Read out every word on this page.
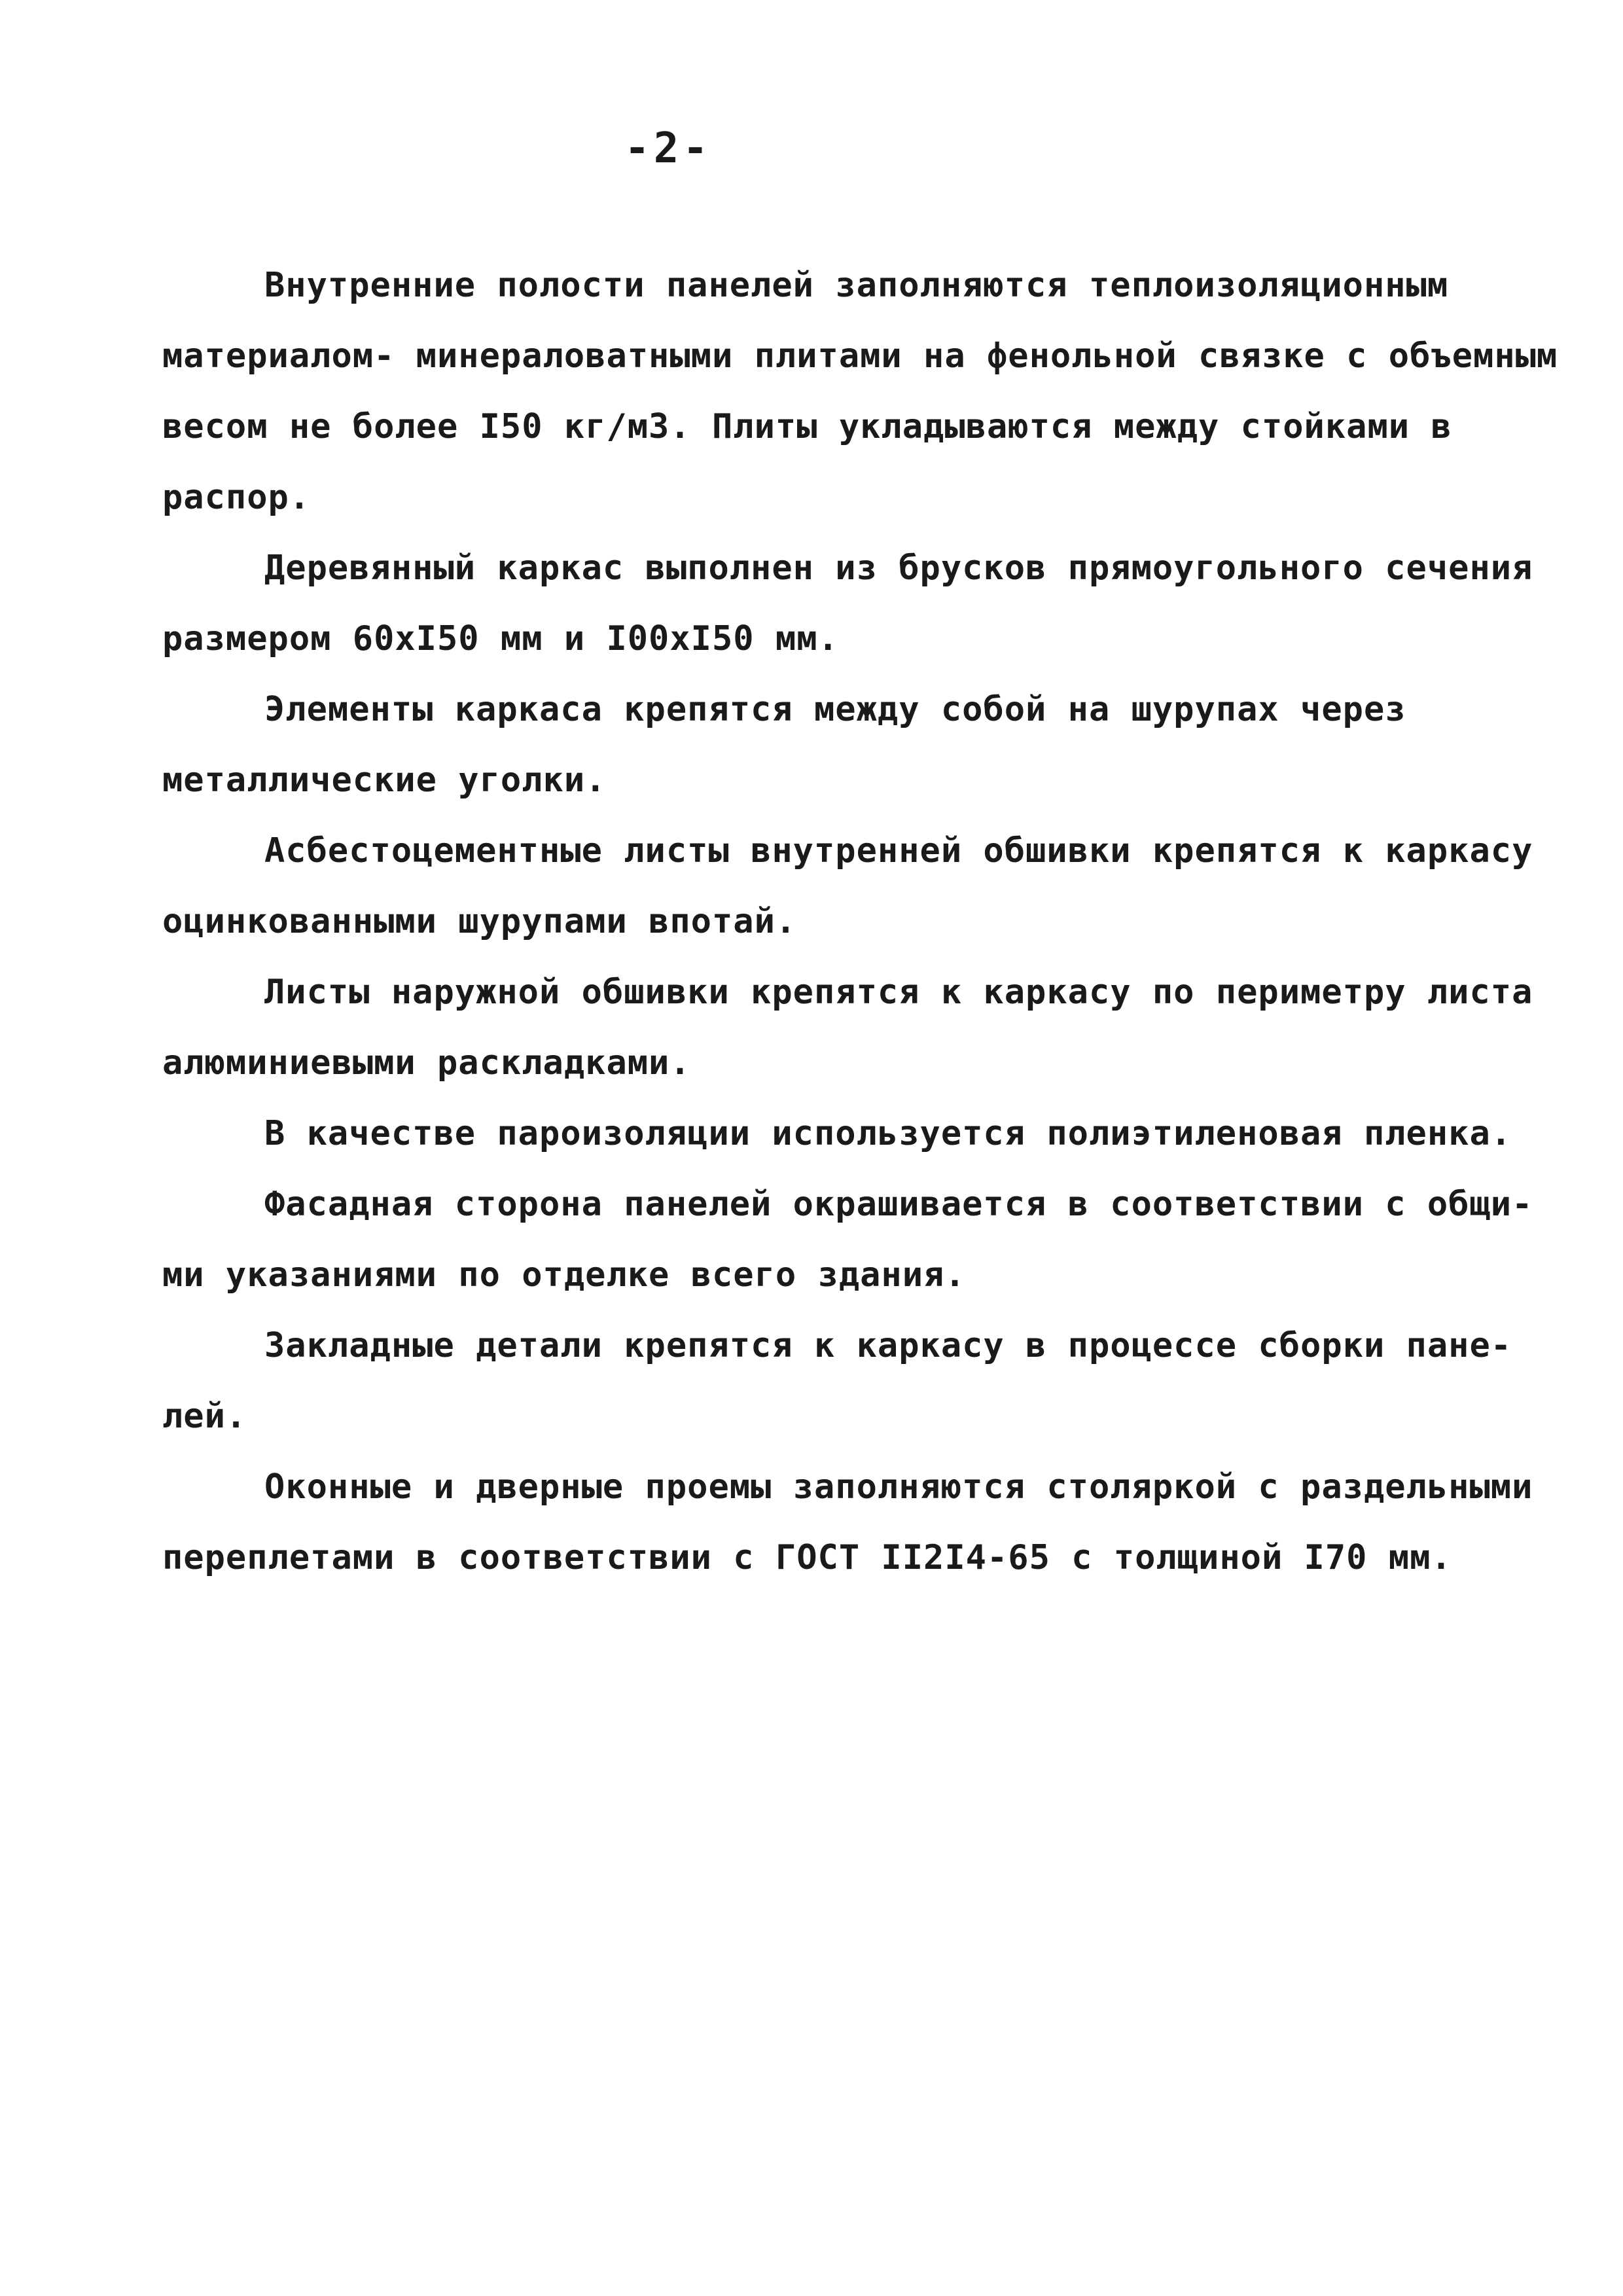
-2-

Внутренние полости панелей заполняются теплоизоляционным
материалом- минераловатными плитами на фенольной связке с объемным
весом не более I50 кг/м3. Плиты укладываются между стойками в
распор.

Деревянный каркас выполнен из брусков прямоугольного сечения
размером 60хI50 мм и I00хI50 мм.

Элементы каркаса крепятся между собой на шурупах через
металлические уголки.

Асбестоцементные листы внутренней обшивки крепятся к каркасу
оцинкованными шурупами впотай.

Листы наружной обшивки крепятся к каркасу по периметру листа
алюминиевыми раскладками.

В качестве пароизоляции используется полиэтиленовая пленка.

Фасадная сторона панелей окрашивается в соответствии с общи-
ми указаниями по отделке всего здания.

Закладные детали крепятся к каркасу в процессе сборки пане-
лей.

Оконные и дверные проемы заполняются столяркой с раздельными
переплетами в соответствии с ГОСТ II2I4-65 с толщиной I70 мм.
